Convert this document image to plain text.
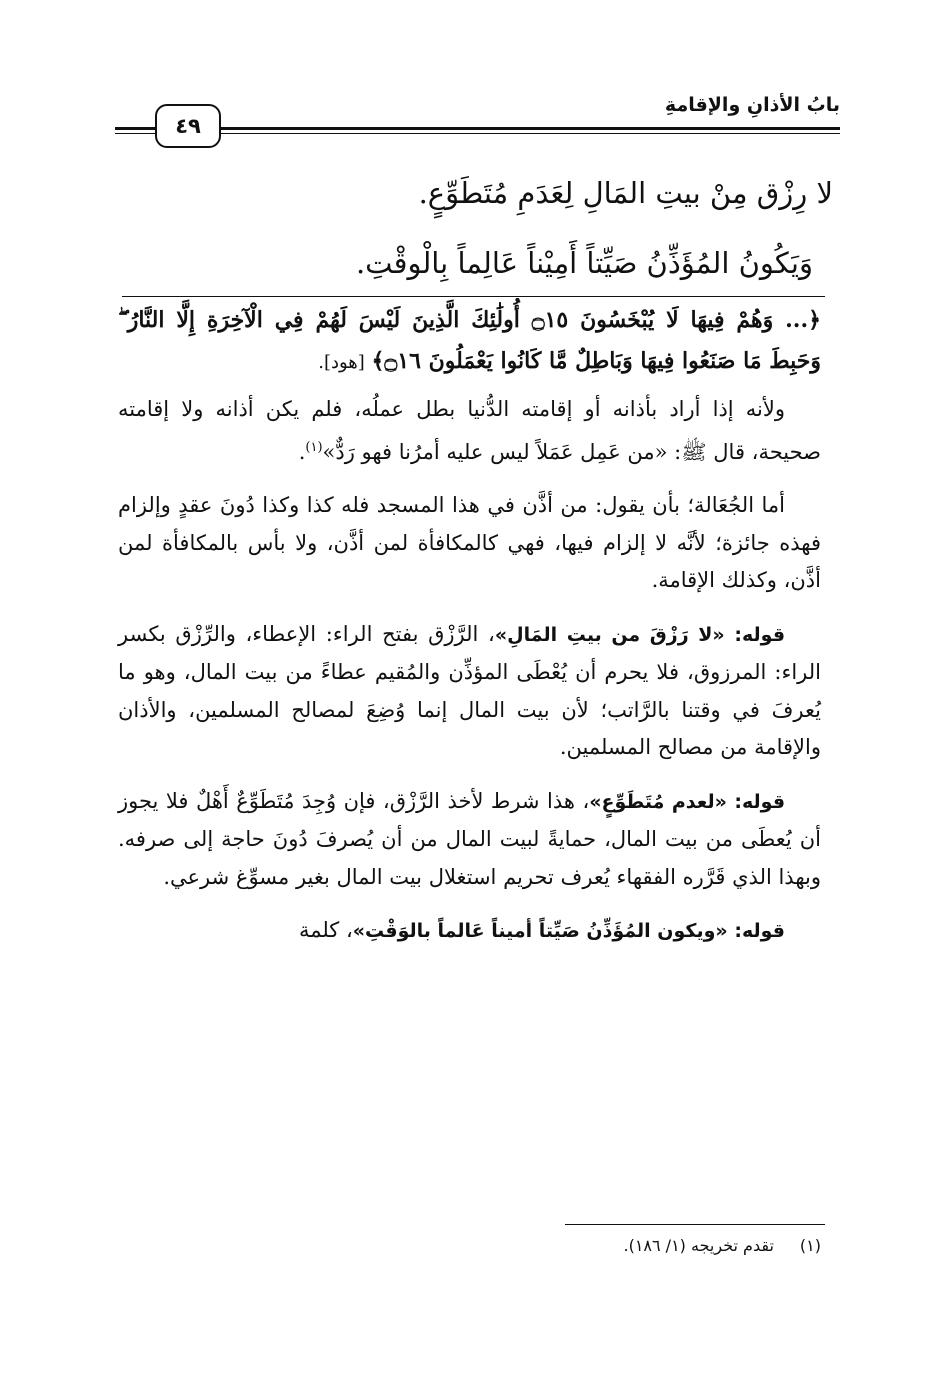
بابُ الأذانِ والإقامةِ
٤٩

لا رِزْق مِنْ بيتِ المَالِ لِعَدَمِ مُتَطَوِّعٍ.

وَيَكُونُ المُؤَذِّنُ صَيِّتاً أَمِيْناً عَالِماً بِالْوقْتِ.

﴿... وَهُمْ فِيهَا لَا يُبْخَسُونَ ۝١٥ أُولَٰئِكَ الَّذِينَ لَيْسَ لَهُمْ فِي الْآخِرَةِ إِلَّا النَّارُ ۖ وَحَبِطَ مَا صَنَعُوا فِيهَا وَبَاطِلٌ مَّا كَانُوا يَعْمَلُونَ ۝١٦﴾ [هود].

ولأنه إذا أراد بأذانه أو إقامته الدُّنيا بطل عملُه، فلم يكن أذانه ولا إقامته صحيحة، قال ﷺ: «من عَمِل عَمَلاً ليس عليه أمرُنا فهو رَدٌّ»$^{(١)}$.

أما الجُعَالة؛ بأن يقول: من أذَّن في هذا المسجد فله كذا وكذا دُونَ عقدٍ وإلزام فهذه جائزة؛ لأنَّه لا إلزام فيها، فهي كالمكافأة لمن أذَّن، ولا بأس بالمكافأة لمن أذَّن، وكذلك الإقامة.

قوله: «لا رَزْقَ من بيتِ المَالِ»، الرَّزْق بفتح الراء: الإعطاء، والرِّزْق بكسر الراء: المرزوق، فلا يحرم أن يُعْطَى المؤذِّن والمُقيم عطاءً من بيت المال، وهو ما يُعرفَ في وقتنا بالرَّاتب؛ لأن بيت المال إنما وُضِعَ لمصالح المسلمين، والأذان والإقامة من مصالح المسلمين.

قوله: «لعدم مُتَطَوِّعٍ»، هذا شرط لأخذ الرَّزْق، فإن وُجِدَ مُتَطَوِّعٌ أَهْلٌ فلا يجوز أن يُعطَى من بيت المال، حمايةً لبيت المال من أن يُصرفَ دُونَ حاجة إلى صرفه. وبهذا الذي قَرَّره الفقهاء يُعرف تحريم استغلال بيت المال بغير مسوِّغ شرعي.

قوله: «ويكون المُؤَذِّنُ صَيِّتاً أميناً عَالماً بالوَقْتِ»، كلمة

(١)تقدم تخريجه (١/ ١٨٦).
